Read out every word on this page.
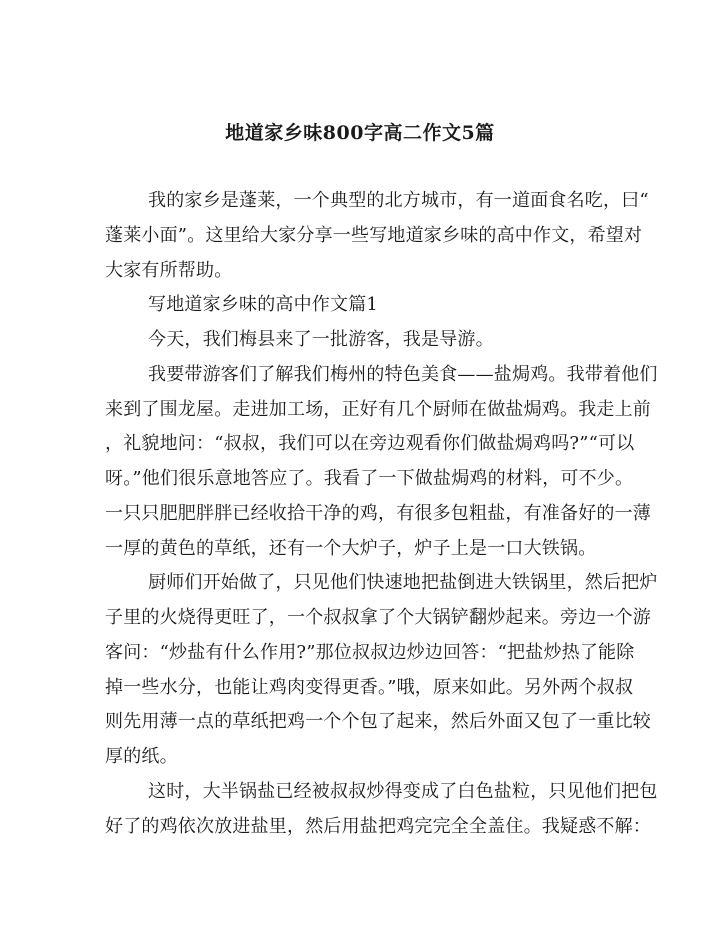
地道家乡味800字高二作文5篇
我的家乡是蓬莱，一个典型的北方城市，有一道面食名吃，曰“
蓬莱小面”。这里给大家分享一些写地道家乡味的高中作文，希望对
大家有所帮助。
写地道家乡味的高中作文篇1
今天，我们梅县来了一批游客，我是导游。
我要带游客们了解我们梅州的特色美食——盐焗鸡。我带着他们
来到了围龙屋。走进加工场，正好有几个厨师在做盐焗鸡。我走上前
，礼貌地问：“叔叔，我们可以在旁边观看你们做盐焗鸡吗?”“可以
呀。”他们很乐意地答应了。我看了一下做盐焗鸡的材料，可不少。
一只只肥肥胖胖已经收拾干净的鸡，有很多包粗盐，有准备好的一薄
一厚的黄色的草纸，还有一个大炉子，炉子上是一口大铁锅。
厨师们开始做了，只见他们快速地把盐倒进大铁锅里，然后把炉
子里的火烧得更旺了，一个叔叔拿了个大锅铲翻炒起来。旁边一个游
客问：“炒盐有什么作用?”那位叔叔边炒边回答：“把盐炒热了能除
掉一些水分，也能让鸡肉变得更香。”哦，原来如此。另外两个叔叔
则先用薄一点的草纸把鸡一个个包了起来，然后外面又包了一重比较
厚的纸。
这时，大半锅盐已经被叔叔炒得变成了白色盐粒，只见他们把包
好了的鸡依次放进盐里，然后用盐把鸡完完全全盖住。我疑惑不解：
